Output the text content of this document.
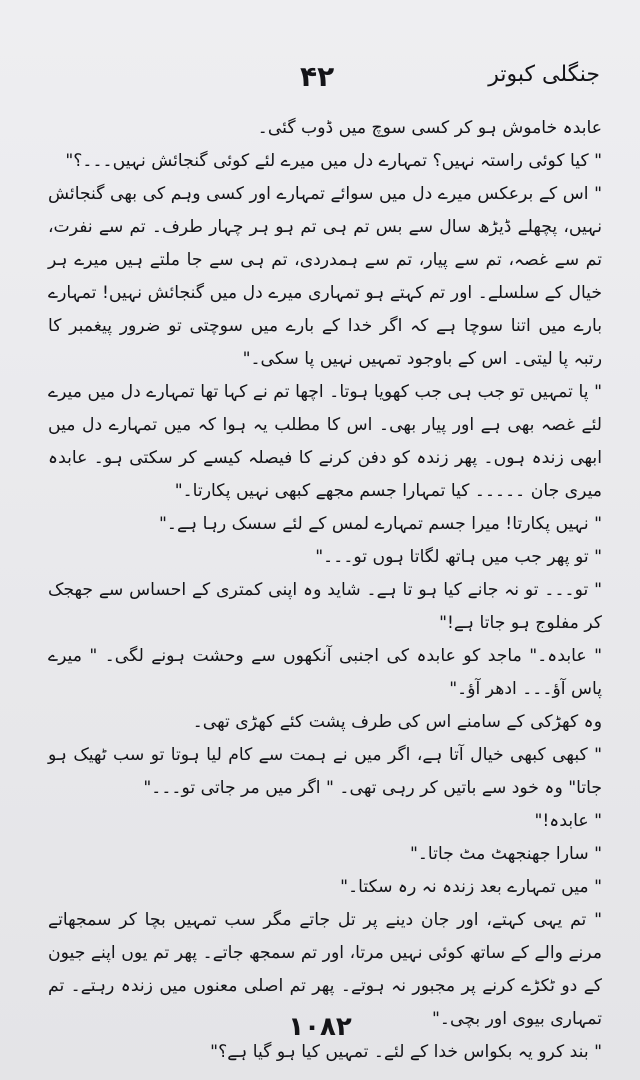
۴۲	جنگلی کبوتر

عابدہ خاموش ہو کر کسی سوچ میں ڈوب گئی۔

" کیا کوئی راستہ نہیں؟ تمہارے دل میں میرے لئے کوئی گنجائش نہیں۔۔۔؟"

" اس کے برعکس میرے دل میں سوائے تمہارے اور کسی وہم کی بھی گنجائش نہیں، پچھلے ڈیڑھ سال سے بس تم ہی تم ہو ہر چہار طرف۔ تم سے نفرت، تم سے غصہ، تم سے پیار، تم سے ہمدردی، تم ہی سے جا ملتے ہیں میرے ہر خیال کے سلسلے۔ اور تم کہتے ہو تمہاری میرے دل میں گنجائش نہیں! تمہارے بارے میں اتنا سوچا ہے کہ اگر خدا کے بارے میں سوچتی تو ضرور پیغمبر کا رتبہ پا لیتی۔ اس کے باوجود تمہیں نہیں پا سکی۔"

" پا تمہیں تو جب ہی جب کھویا ہوتا۔ اچھا تم نے کہا تھا تمہارے دل میں میرے لئے غصہ بھی ہے اور پیار بھی۔ اس کا مطلب یہ ہوا کہ میں تمہارے دل میں ابھی زندہ ہوں۔ پھر زندہ کو دفن کرنے کا فیصلہ کیسے کر سکتی ہو۔ عابدہ میری جان ۔۔۔۔۔ کیا تمہارا جسم مجھے کبھی نہیں پکارتا۔"

" نہیں پکارتا! میرا جسم تمہارے لمس کے لئے سسک رہا ہے۔"

" تو پھر جب میں ہاتھ لگاتا ہوں تو۔۔۔"

" تو۔۔۔ تو نہ جانے کیا ہو تا ہے۔ شاید وہ اپنی کمتری کے احساس سے جھجک کر مفلوج ہو جاتا ہے!"

" عابدہ۔" ماجد کو عابدہ کی اجنبی آنکھوں سے وحشت ہونے لگی۔ " میرے پاس آؤ۔۔۔ ادھر آؤ۔"

وہ کھڑکی کے سامنے اس کی طرف پشت کئے کھڑی تھی۔

" کبھی کبھی خیال آتا ہے، اگر میں نے ہمت سے کام لیا ہوتا تو سب ٹھیک ہو جاتا" وہ خود سے باتیں کر رہی تھی۔ " اگر میں مر جاتی تو۔۔۔"

" عابدہ!"

" سارا جھنجھٹ مٹ جاتا۔"

" میں تمہارے بعد زندہ نہ رہ سکتا۔"

" تم یہی کہتے، اور جان دینے پر تل جاتے مگر سب تمہیں بچا کر سمجھاتے مرنے والے کے ساتھ کوئی نہیں مرتا، اور تم سمجھ جاتے۔ پھر تم یوں اپنے جیون کے دو ٹکڑے کرنے پر مجبور نہ ہوتے۔ پھر تم اصلی معنوں میں زندہ رہتے۔ تم تمہاری بیوی اور بچی۔"

" بند کرو یہ بکواس خدا کے لئے۔ تمہیں کیا ہو گیا ہے؟"

۱۰۸۲
